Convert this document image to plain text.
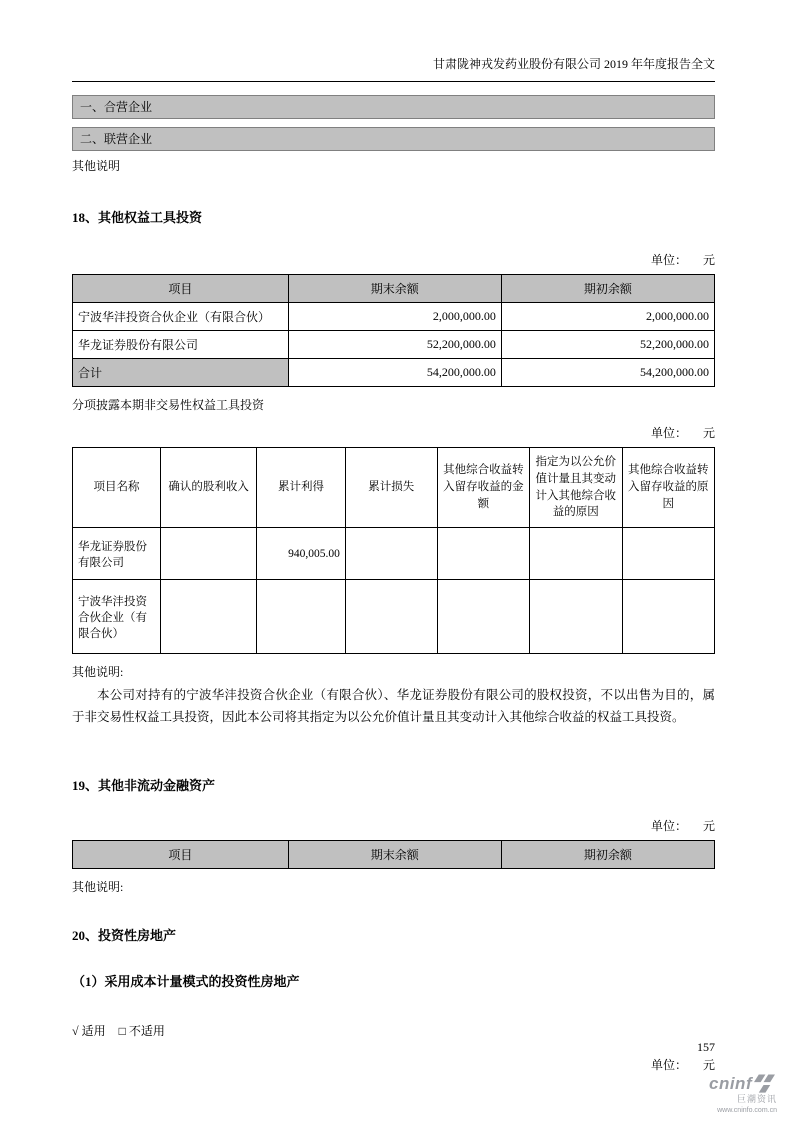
甘肃陇神戎发药业股份有限公司 2019 年年度报告全文
一、合营企业
二、联营企业
其他说明
18、其他权益工具投资
单位： 元
项目	期末余额	期初余额
宁波华沣投资合伙企业（有限合伙）	2,000,000.00	2,000,000.00
华龙证券股份有限公司	52,200,000.00	52,200,000.00
合计	54,200,000.00	54,200,000.00
分项披露本期非交易性权益工具投资
单位： 元
项目名称	确认的股利收入	累计利得	累计损失	其他综合收益转入留存收益的金额	指定为以公允价值计量且其变动计入其他综合收益的原因	其他综合收益转入留存收益的原因
华龙证券股份有限公司		940,005.00				
宁波华沣投资合伙企业（有限合伙）						
其他说明:
本公司对持有的宁波华沣投资合伙企业（有限合伙）、华龙证券股份有限公司的股权投资，不以出售为目的，属于非交易性权益工具投资，因此本公司将其指定为以公允价值计量且其变动计入其他综合收益的权益工具投资。
19、其他非流动金融资产
单位： 元
项目	期末余额	期初余额
其他说明:
20、投资性房地产
（1）采用成本计量模式的投资性房地产
√ 适用 □ 不适用
单位： 元
157
cninf
巨潮资讯
www.cninfo.com.cn
